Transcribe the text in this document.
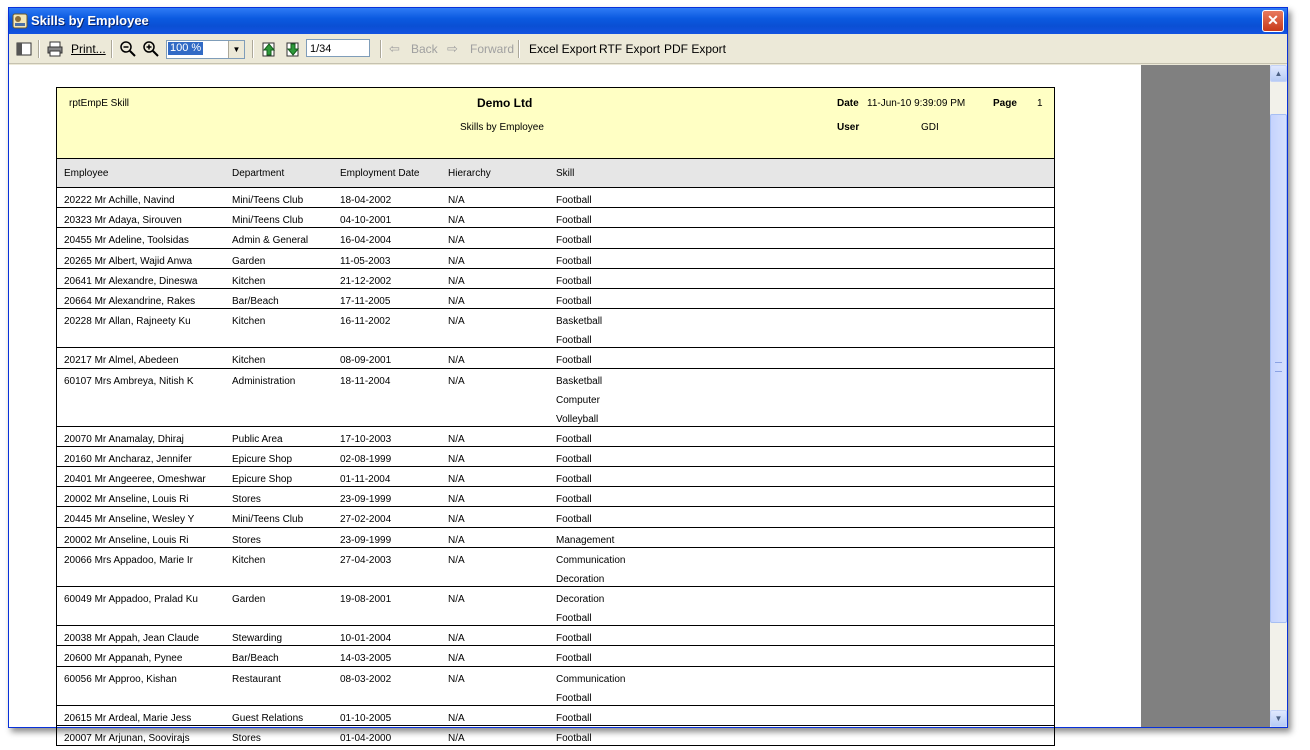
Skills by Employee	✕
Print...	100 %	▼	1/34	⇦ Back ⇨ Forward Excel Export RTF Export PDF Export
rptEmpE Skill	Demo Ltd
Skills by Employee
Date 11-Jun-10 9:39:09 PM	Page 1
User	GDI
Employee	Department	Employment Date	Hierarchy	Skill
20222 Mr Achille, Navind	Mini/Teens Club	18-04-2002	N/A	Football
20323 Mr Adaya, Sirouven	Mini/Teens Club	04-10-2001	N/A	Football
20455 Mr Adeline, Toolsidas	Admin & General	16-04-2004	N/A	Football
20265 Mr Albert, Wajid Anwa	Garden	11-05-2003	N/A	Football
20641 Mr Alexandre, Dineswa	Kitchen	21-12-2002	N/A	Football
20664 Mr Alexandrine, Rakes	Bar/Beach	17-11-2005	N/A	Football
20228 Mr Allan, Rajneety Ku	Kitchen	16-11-2002	N/A	Basketball
Football
20217 Mr Almel, Abedeen	Kitchen	08-09-2001	N/A	Football
60107 Mrs Ambreya, Nitish K	Administration	18-11-2004	N/A	Basketball
Computer
Volleyball
20070 Mr Anamalay, Dhiraj	Public Area	17-10-2003	N/A	Football
20160 Mr Ancharaz, Jennifer	Epicure Shop	02-08-1999	N/A	Football
20401 Mr Angeeree, Omeshwar	Epicure Shop	01-11-2004	N/A	Football
20002 Mr Anseline, Louis Ri	Stores	23-09-1999	N/A	Football
20445 Mr Anseline, Wesley Y	Mini/Teens Club	27-02-2004	N/A	Football
20002 Mr Anseline, Louis Ri	Stores	23-09-1999	N/A	Management
20066 Mrs Appadoo, Marie Ir	Kitchen	27-04-2003	N/A	Communication
Decoration
60049 Mr Appadoo, Pralad Ku	Garden	19-08-2001	N/A	Decoration
Football
20038 Mr Appah, Jean Claude	Stewarding	10-01-2004	N/A	Football
20600 Mr Appanah, Pynee	Bar/Beach	14-03-2005	N/A	Football
60056 Mr Approo, Kishan	Restaurant	08-03-2002	N/A	Communication
Football
20615 Mr Ardeal, Marie Jess	Guest Relations	01-10-2005	N/A	Football
20007 Mr Arjunan, Soovirajs	Stores	01-04-2000	N/A	Football
▲
▼
